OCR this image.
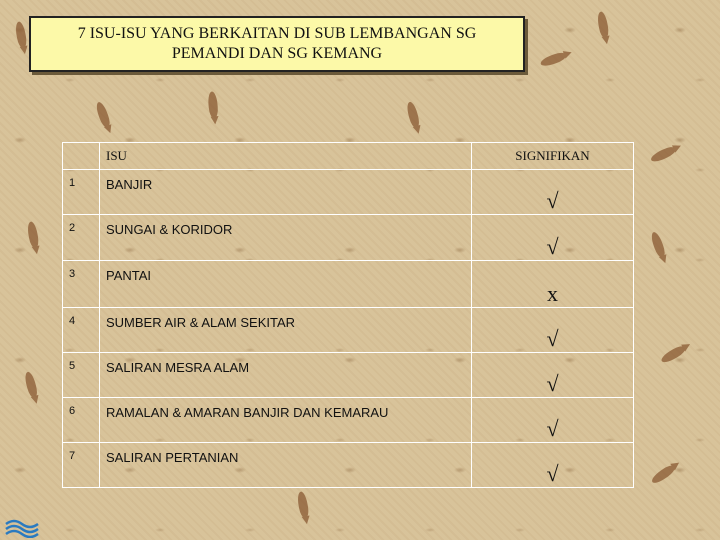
7 ISU-ISU YANG BERKAITAN DI SUB LEMBANGAN SG
PEMANDI DAN SG KEMANG
	ISU	SIGNIFIKAN
1	BANJIR	√
2	SUNGAI & KORIDOR	√
3	PANTAI	x
4	SUMBER AIR & ALAM SEKITAR	√
5	SALIRAN MESRA ALAM	√
6	RAMALAN & AMARAN BANJIR DAN KEMARAU	√
7	SALIRAN PERTANIAN	√
